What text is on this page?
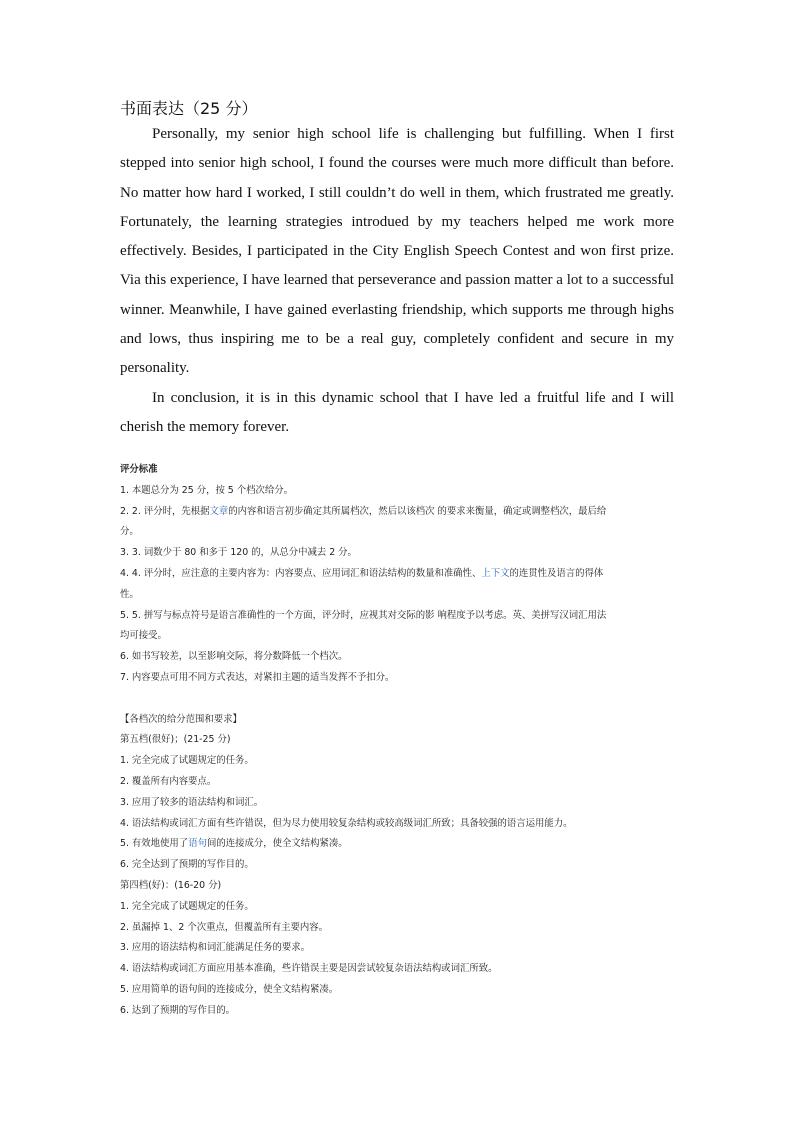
书面表达（25 分）

Personally, my senior high school life is challenging but fulfilling. When I first stepped into senior high school, I found the courses were much more difficult than before. No matter how hard I worked, I still couldn’t do well in them, which frustrated me greatly. Fortunately, the learning strategies introdued by my teachers helped me work more effectively. Besides, I participated in the City English Speech Contest and won first prize. Via this experience, I have learned that perseverance and passion matter a lot to a successful winner. Meanwhile, I have gained everlasting friendship, which supports me through highs and lows, thus inspiring me to be a real guy, completely confident and secure in my personality.

In conclusion, it is in this dynamic school that I have led a fruitful life and I will cherish the memory forever.

评分标准
1. 本题总分为 25 分，按 5 个档次给分。
2. 2. 评分时，先根据文章的内容和语言初步确定其所属档次，然后以该档次 的要求来衡量，确定或调整档次，最后给
分。
3. 3. 词数少于 80 和多于 120 的，从总分中减去 2 分。
4. 4. 评分时，应注意的主要内容为：内容要点、应用词汇和语法结构的数量和准确性、上下文的连贯性及语言的得体
性。
5. 5. 拼写与标点符号是语言准确性的一个方面，评分时，应视其对交际的影 响程度予以考虑。英、美拼写汉词汇用法
均可接受。
6. 如书写较差，以至影响交际，将分数降低一个档次。
7. 内容要点可用不同方式表达，对紧扣主题的适当发挥不予扣分。
【各档次的给分范围和要求】
第五档(很好)；(21-25 分)
1. 完全完成了试题规定的任务。
2. 覆盖所有内容要点。
3. 应用了较多的语法结构和词汇。
4. 语法结构或词汇方面有些许错误，但为尽力使用较复杂结构或较高级词汇所致；具备较强的语言运用能力。
5. 有效地使用了语句间的连接成分，使全文结构紧凑。
6. 完全达到了预期的写作目的。
第四档(好)：(16-20 分)
1. 完全完成了试题规定的任务。
2. 虽漏掉 1、2 个次重点，但覆盖所有主要内容。
3. 应用的语法结构和词汇能满足任务的要求。
4. 语法结构或词汇方面应用基本准确，些许错误主要是因尝试较复杂语法结构或词汇所致。
5. 应用简单的语句间的连接成分，使全文结构紧凑。
6. 达到了预期的写作目的。
